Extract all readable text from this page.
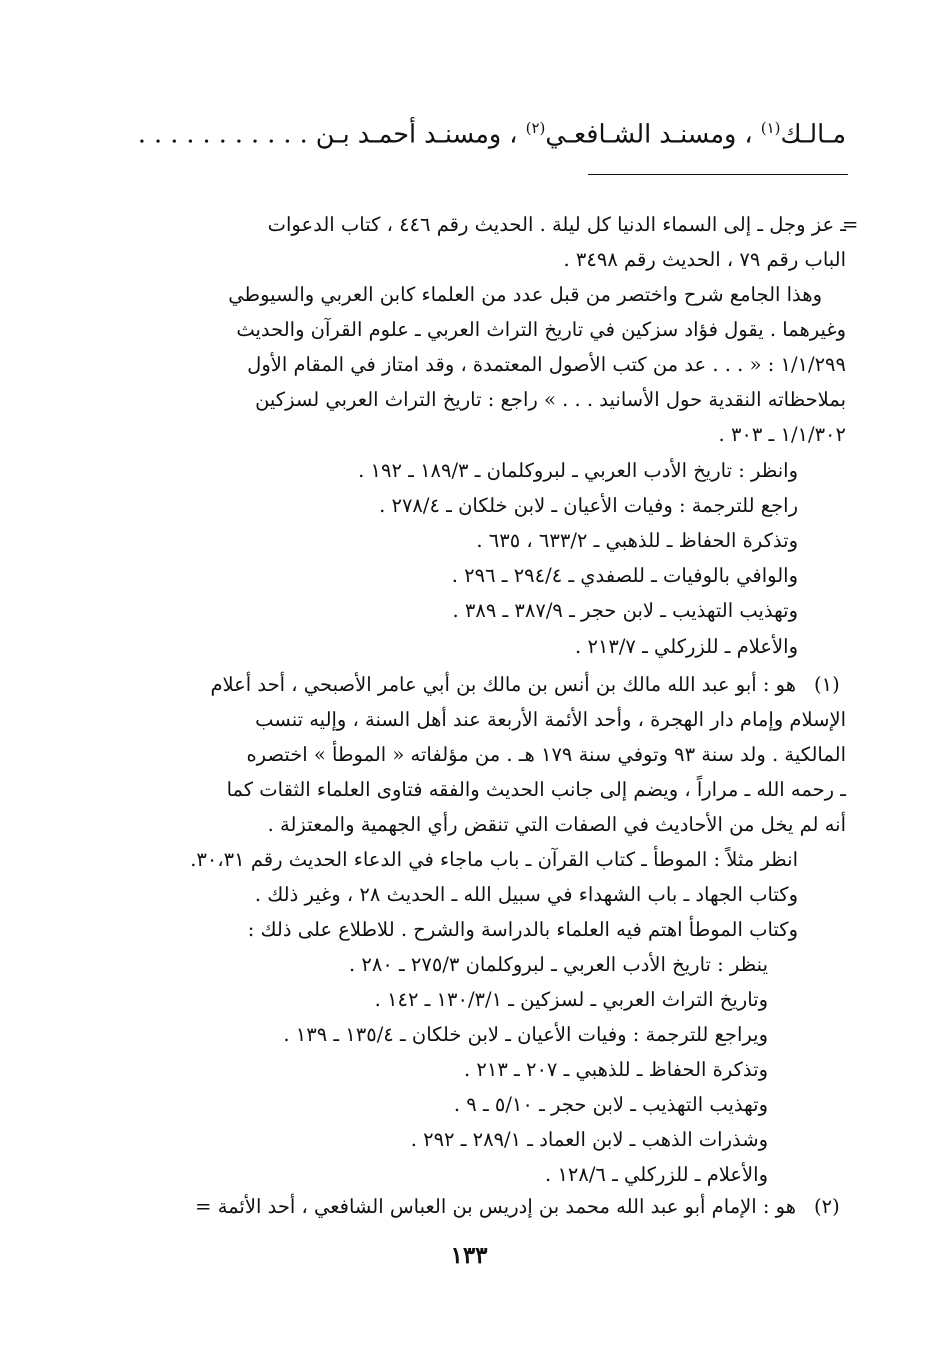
مـالـك$^{(١)}$ ، ومسنـد الشـافعـي$^{(٢)}$ ، ومسنـد أحمـد بـن . . . . . . . . . . .
=
(١)
(٢)
ـ عز وجل ـ إلى السماء الدنيا كل ليلة . الحديث رقم ٤٤٦ ، كتاب الدعوات
الباب رقم ٧٩ ، الحديث رقم ٣٤٩٨ .
وهذا الجامع شرح واختصر من قبل عدد من العلماء كابن العربي والسيوطي
وغيرهما . يقول فؤاد سزكين في تاريخ التراث العربي ـ علوم القرآن والحديث
١/١/٢٩٩ : « . . . عد من كتب الأصول المعتمدة ، وقد امتاز في المقام الأول
بملاحظاته النقدية حول الأسانيد . . . » راجع : تاريخ التراث العربي لسزكين
١/١/٣٠٢ ـ ٣٠٣ .
وانظر : تاريخ الأدب العربي ـ لبروكلمان ـ ١٨٩/٣ ـ ١٩٢ .
راجع للترجمة : وفيات الأعيان ـ لابن خلكان ـ ٢٧٨/٤ .
وتذكرة الحفاظ ـ للذهبي ـ ٦٣٣/٢ ، ٦٣٥ .
والوافي بالوفيات ـ للصفدي ـ ٢٩٤/٤ ـ ٢٩٦ .
وتهذيب التهذيب ـ لابن حجر ـ ٣٨٧/٩ ـ ٣٨٩ .
والأعلام ـ للزركلي ـ ٢١٣/٧ .
هو : أبو عبد الله مالك بن أنس بن مالك بن أبي عامر الأصبحي ، أحد أعلام
الإسلام وإمام دار الهجرة ، وأحد الأئمة الأربعة عند أهل السنة ، وإليه تنسب
المالكية . ولد سنة ٩٣ وتوفي سنة ١٧٩ هـ . من مؤلفاته « الموطأ » اختصره
ـ رحمه الله ـ مراراً ، ويضم إلى جانب الحديث والفقه فتاوى العلماء الثقات كما
أنه لم يخل من الأحاديث في الصفات التي تنقض رأي الجهمية والمعتزلة .
انظر مثلاً : الموطأ ـ كتاب القرآن ـ باب ماجاء في الدعاء الحديث رقم ٣٠،٣١.
وكتاب الجهاد ـ باب الشهداء في سبيل الله ـ الحديث ٢٨ ، وغير ذلك .
وكتاب الموطأ اهتم فيه العلماء بالدراسة والشرح . للاطلاع على ذلك :
ينظر : تاريخ الأدب العربي ـ لبروكلمان ٢٧٥/٣ ـ ٢٨٠ .
وتاريخ التراث العربي ـ لسزكين ـ ١٣٠/٣/١ ـ ١٤٢ .
ويراجع للترجمة : وفيات الأعيان ـ لابن خلكان ـ ١٣٥/٤ ـ ١٣٩ .
وتذكرة الحفاظ ـ للذهبي ـ ٢٠٧ ـ ٢١٣ .
وتهذيب التهذيب ـ لابن حجر ـ ٥/١٠ ـ ٩ .
وشذرات الذهب ـ لابن العماد ـ ٢٨٩/١ ـ ٢٩٢ .
والأعلام ـ للزركلي ـ ١٢٨/٦ .
هو : الإمام أبو عبد الله محمد بن إدريس بن العباس الشافعي ، أحد الأئمة =
١٣٣
